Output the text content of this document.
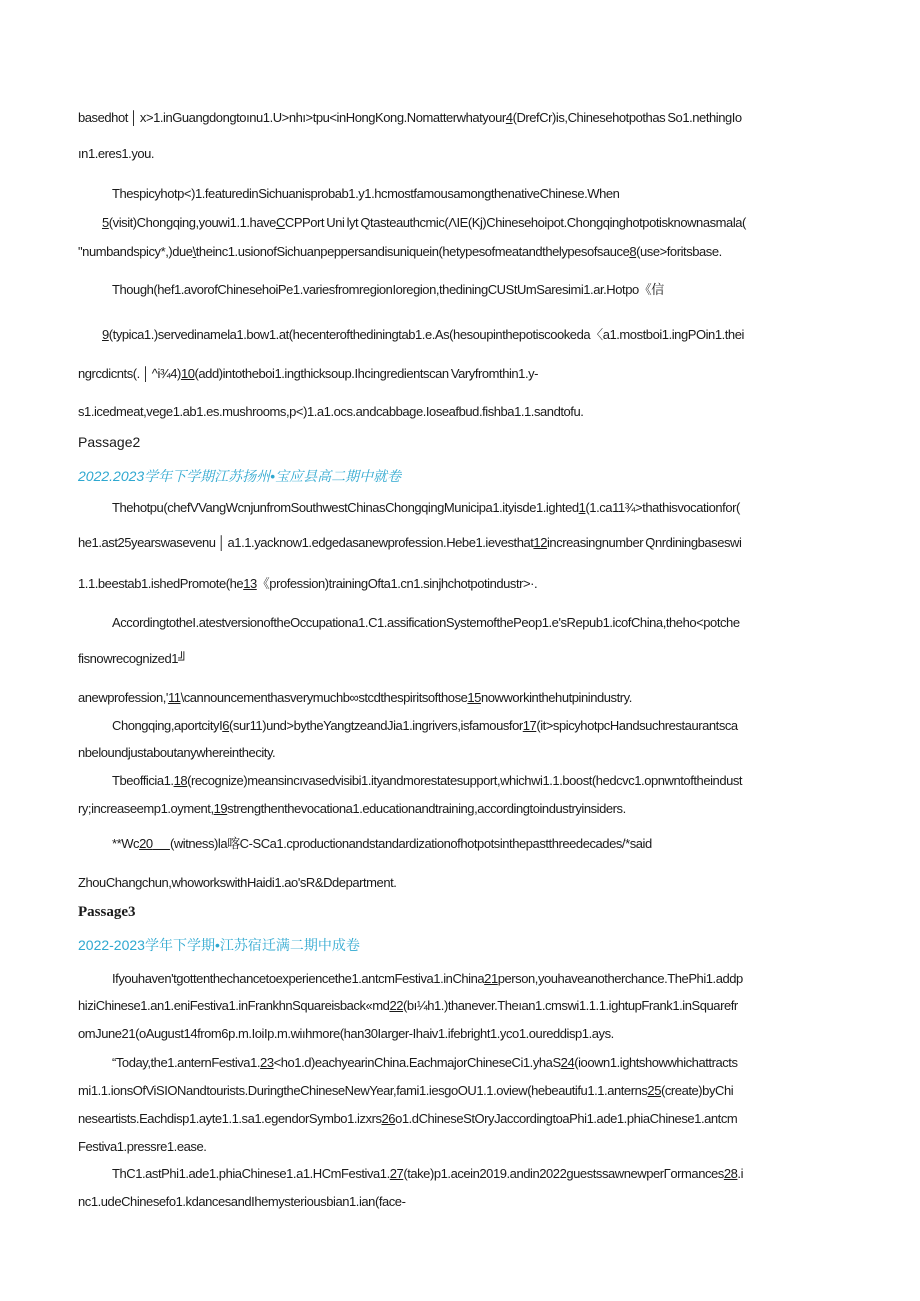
basedhot │ x>1.inGuangdongtoınu1.U>nhı>tpu<inHongKong.Nomatterwhatyour4(DrefCr)is,Chinesehotpothas So1.nethingIo
ın1.eres1.you.
Thespicyhotp<)1.featuredinSichuanisprobab1.y1.hcmostfamousamongthenativeChinese.When
5(visit)Chongqing,youwi1.1.haveCCPPort Uni lyt Qtasteauthcmic(ΛIE(Kj)Chinesehoipot.Chongqinghotpotisknownasmala(
"numbandspicy*,)due\theinc1.usionofSichuanpeppersandisuniquein(hetypesofmeatandthelypesofsauce8(use>foritsbase.
Though(hef1.avorofChinesehoiPe1.variesfromregionIoregion,thediningCUStUmSaresimi1.ar.Hotpo《信
9(typica1.)servedinamela1.bow1.at(hecenterofthediningtab1.e.As(hesoupinthepotiscookeda〈a1.mostboi1.ingPOin1.thei
ngrcdicnts(. │ ^i¾4)10(add)intotheboi1.ingthicksoup.Ihcingredientscan Varyfromthin1.y-
s1.icedmeat,vege1.ab1.es.mushrooms,p<)1.a1.ocs.andcabbage.Ioseafbud.fishba1.1.sandtofu.
Passage2
2022.2023学年下学期江苏扬州•宝应县高二期中就卷
Thehotpu(chefVVangWcnjunfromSouthwestChinasChongqingMunicipa1.ityisde1.ighted1(1.ca11¾>thathisvocationfor(
he1.ast25yearswasevenu │ a1.1.yacknow1.edgedasanewprofession.Hebe1.ievesthat12increasingnumber Qnrdiningbaseswi
1.1.beestab1.ishedPromote(he13《profession)trainingOfta1.cn1.sinjhchotpotindustr>·.
AccordingtotheI.atestversionoftheOccupationa1.C1.assificationSystemofthePeop1.e'sRepub1.icofChina,theho<potche
fisnowrecognized1╝
anewprofession,'11\cannouncementhasverymuchb∞stcdthespiritsofthose15nowworkinthehutpinindustry.
Chongqing,aportcityI6(sur11)und>bytheYangtzeandJia1.ingrivers,isfamousfor17(it>spicyhotpcHandsuchrestaurantsca
nbeloundjustaboutanywhereinthecity.
Tbeofficia1.18(recognize)meansincıvasedvisibi1.ityandmorestatesupport,whichwi1.1.boost(hedcvc1.opnwntoftheindust
ry;increaseemp1.oyment,19strengthenthevocationa1.educationandtraining,accordingtoindustryinsiders.
**Wc20 (witness)la喀C-SCa1.cproductionandstandardizationofhotpotsinthepastthreedecades/*said
ZhouChangchun,whoworkswithHaidi1.ao'sR&Ddepartment.
Passage3
2022-2023学年下学期•江苏宿迁满二期中成卷
Ifyouhaven'tgottenthechancetoexperiencethe1.antcmFestiva1.inChina21person,youhaveanotherchance.ThePhi1.addp
hiziChinese1.an1.eniFestiva1.inFrankhnSquareisback«md22(bı¼h1.)thanever.Theıan1.cmswi1.1.1.ightupFrank1.inSquarefr
omJune21(oAugust14from6p.m.IoiIp.m.wiıhmore(han30Iarger-Ihaiv1.ifebright1.yco1.oureddisp1.ays.
“Today,the1.anternFestiva1.23<ho1.d)eachyearinChina.EachmajorChineseCi1.yhaS24(ioown1.ightshowwhichattracts
mi1.1.ionsOfViSIONandtourists.DuringtheChineseNewYear,fami1.iesgoOU1.1.oview(hebeautifu1.1.anterns25(create)byChi
neseartists.Eachdisp1.ayte1.1.sa1.egendorSymbo1.izxrs26o1.dChineseStOryJaccordingtoaPhi1.ade1.phiaChinese1.antcm
Festiva1.pressre1.ease.
ThC1.astPhi1.ade1.phiaChinese1.a1.HCmFestiva1.27(take)p1.acein2019.andin2022guestssawnewperΓormances28.i
nc1.udeChinesefo1.kdancesandIhemysteriousbian1.ian(face-
